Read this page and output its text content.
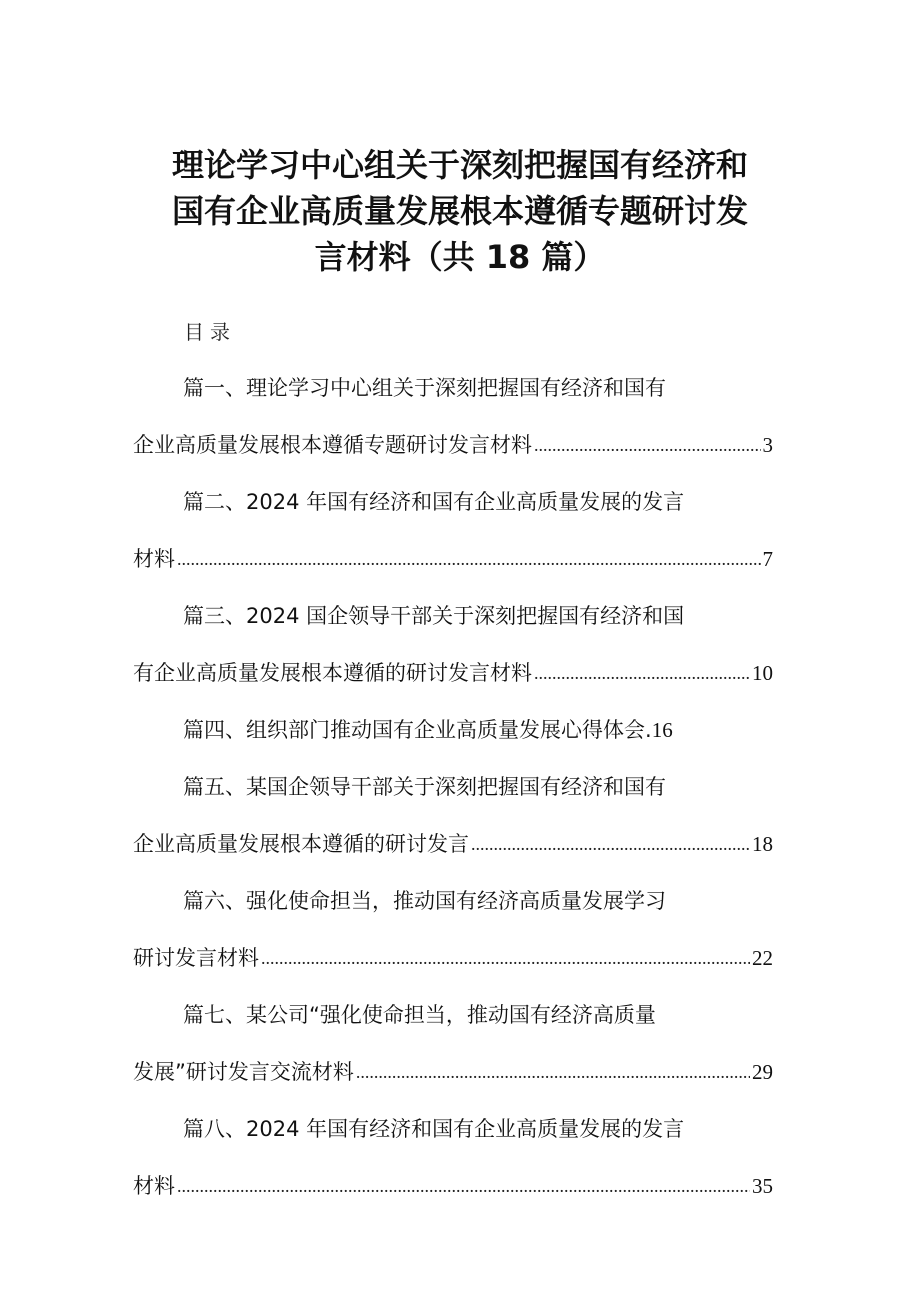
理论学习中心组关于深刻把握国有经济和
国有企业高质量发展根本遵循专题研讨发
言材料（共 18 篇）
目录
篇一、理论学习中心组关于深刻把握国有经济和国有
企业高质量发展根本遵循专题研讨发言材料 .....	3
篇二、2024 年国有经济和国有企业高质量发展的发言
材料 .....	7
篇三、2024 国企领导干部关于深刻把握国有经济和国
有企业高质量发展根本遵循的研讨发言材料 .....	10
篇四、组织部门推动国有企业高质量发展心得体会.16
篇五、某国企领导干部关于深刻把握国有经济和国有
企业高质量发展根本遵循的研讨发言 .....	18
篇六、强化使命担当，推动国有经济高质量发展学习
研讨发言材料 .....	22
篇七、某公司“强化使命担当，推动国有经济高质量
发展”研讨发言交流材料 .....	29
篇八、2024 年国有经济和国有企业高质量发展的发言
材料 .....	35
